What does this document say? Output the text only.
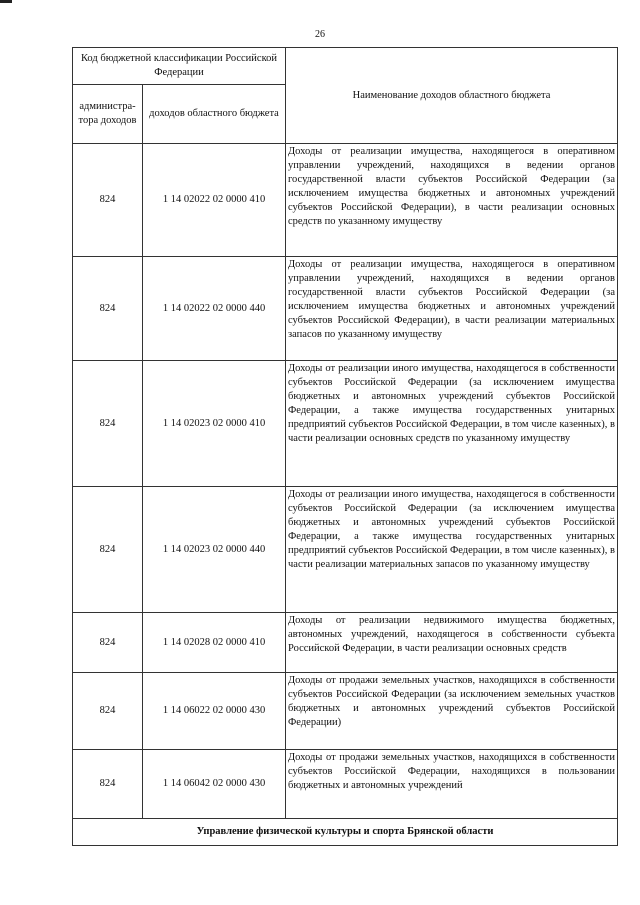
26
Код бюджетной классификации Российской Федерации		Наименование доходов областного бюджета
администра-тора доходов	доходов областного бюджета	
824	1 14 02022 02 0000 410	Доходы от реализации имущества, находящегося в оперативном управлении учреждений, находящихся в ведении органов государственной власти субъектов Российской Федерации (за исключением имущества бюджетных и автономных учреждений субъектов Российской Федерации), в части реализации основных средств по указанному имуществу
824	1 14 02022 02 0000 440	Доходы от реализации имущества, находящегося в оперативном управлении учреждений, находящихся в ведении органов государственной власти субъектов Российской Федерации (за исключением имущества бюджетных и автономных учреждений субъектов Российской Федерации), в части реализации материальных запасов по указанному имуществу
824	1 14 02023 02 0000 410	Доходы от реализации иного имущества, находящегося в собственности субъектов Российской Федерации (за исключением имущества бюджетных и автономных учреждений субъектов Российской Федерации, а также имущества государственных унитарных предприятий субъектов Российской Федерации, в том числе казенных), в части реализации основных средств по указанному имуществу
824	1 14 02023 02 0000 440	Доходы от реализации иного имущества, находящегося в собственности субъектов Российской Федерации (за исключением имущества бюджетных и автономных учреждений субъектов Российской Федерации, а также имущества государственных унитарных предприятий субъектов Российской Федерации, в том числе казенных), в части реализации материальных запасов по указанному имуществу
824	1 14 02028 02 0000 410	Доходы от реализации недвижимого имущества бюджетных, автономных учреждений, находящегося в собственности субъекта Российской Федерации, в части реализации основных средств
824	1 14 06022 02 0000 430	Доходы от продажи земельных участков, находящихся в собственности субъектов Российской Федерации (за исключением земельных участков бюджетных и автономных учреждений субъектов Российской Федерации)
824	1 14 06042 02 0000 430	Доходы от продажи земельных участков, находящихся в собственности субъектов Российской Федерации, находящихся в пользовании бюджетных и автономных учреждений
Управление физической культуры и спорта Брянской области		
